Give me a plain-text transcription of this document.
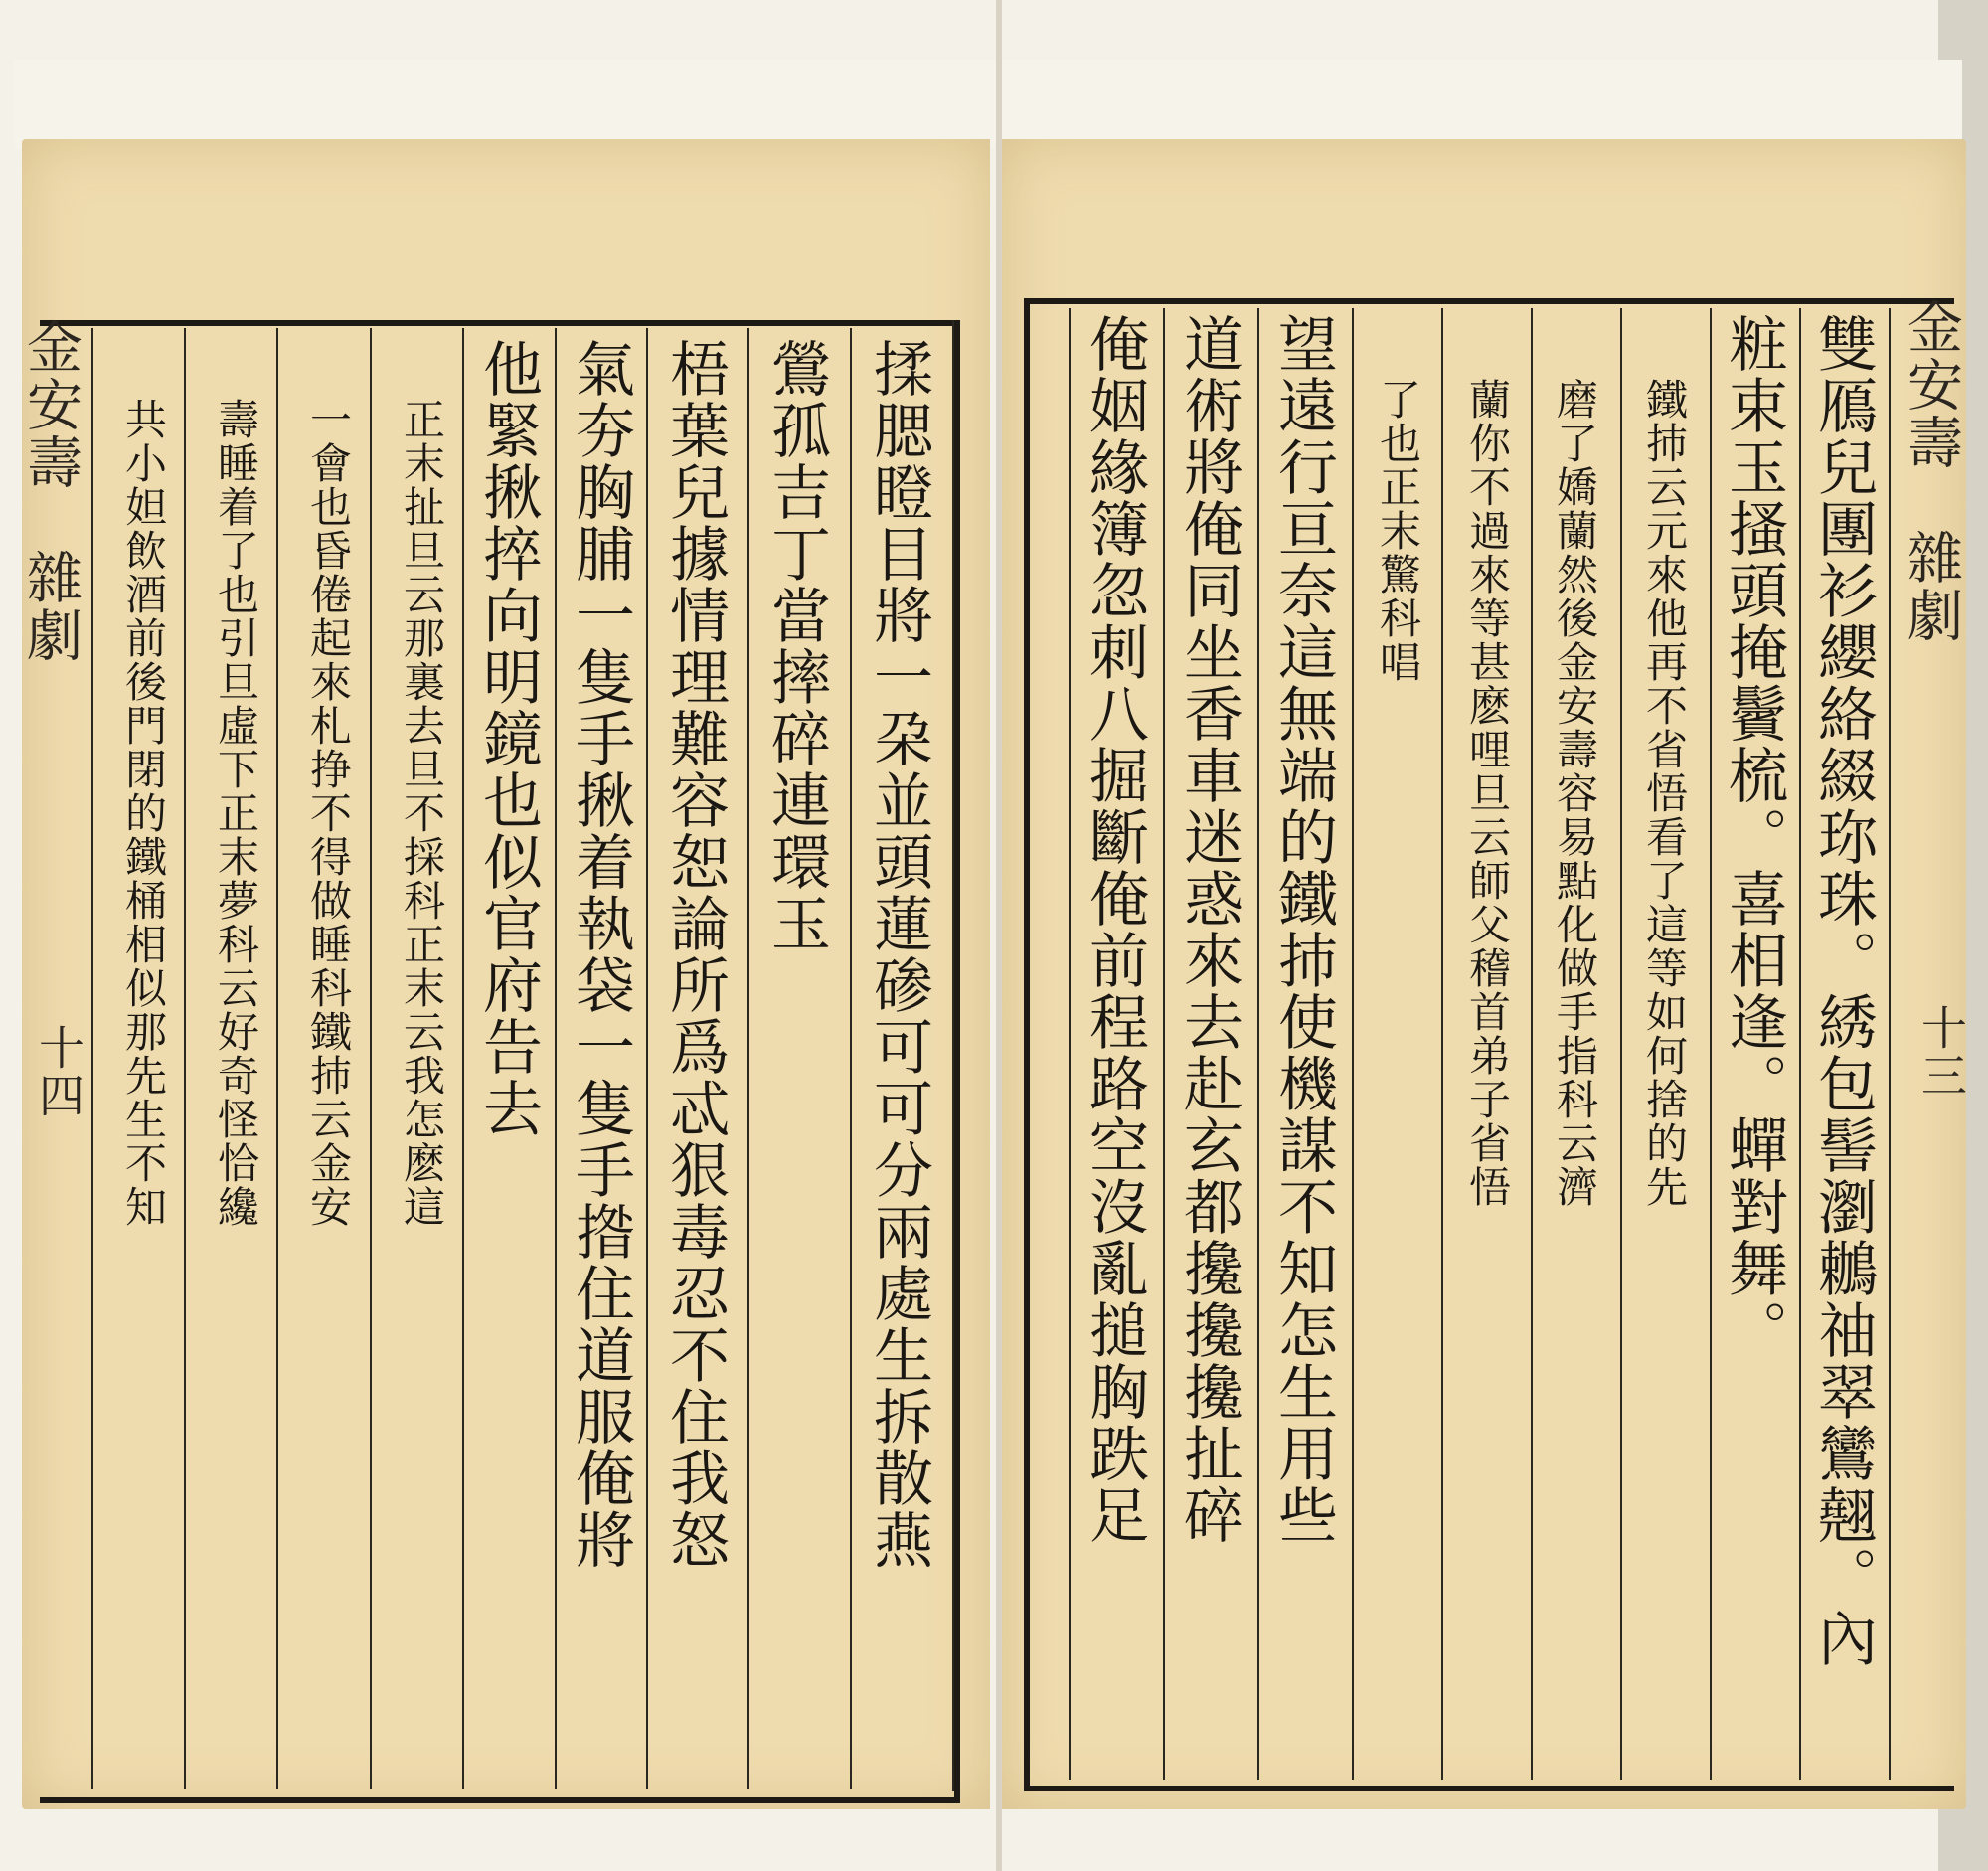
金安壽　雜劇
十三
雙鴈兒團衫纓絡綴珎珠。綉包髻瀏鶒䄂翠鸞翹。內
粧束玉搔頭掩鬢梳。喜相逢。蟬對舞。
鐵㧊云元來他再不省悟看了這等如何捨的先
磨了嬌蘭然後金安壽容易點化做手指科云濟
蘭你不過來等甚麽哩旦云師父稽首弟子省悟
了也正末驚科唱
望遠行亘奈這無端的鐵㧊使機謀不知怎生用些
道術將俺同坐香車迷惑來去赴玄都攙攙攙扯碎
俺姻緣簿忽刺八掘斷俺前程路空沒亂搥胸跌足
金安壽　雜劇
十四	揉腮瞪目將一朶並頭蓮碜可可分兩處生拆散燕
鶯孤吉丁當摔碎連環玉
梧葉兒據情理難容恕論所爲忒狠毒忍不住我怒
氣夯胸脯一隻手揪着執袋一隻手揝住道服俺將
他緊揪捽向明鏡也似官府告去
正末扯旦云那裏去旦不採科正末云我怎麽這
一會也昏倦起來札挣不得做睡科鐵㧊云金安
壽睡着了也引旦虛下正末夢科云好奇怪恰纔
共小妲飲酒前後門閉的鐵桶相似那先生不知
